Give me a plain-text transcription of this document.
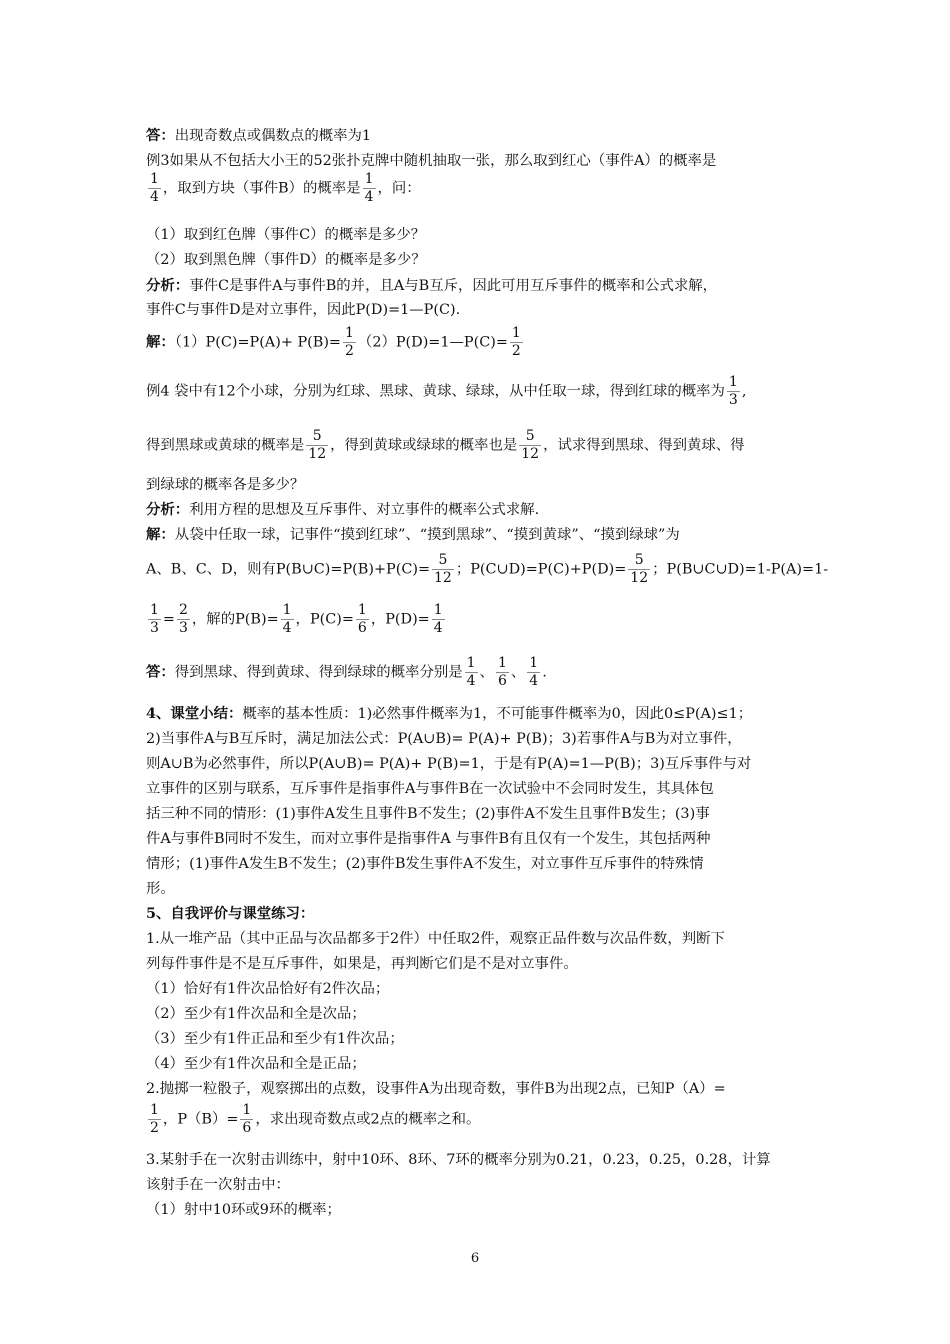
答：出现奇数点或偶数点的概率为1
例3如果从不包括大小王的52张扑克牌中随机抽取一张，那么取到红心（事件A）的概率是
$\frac{1}{4}$ ，取到方块（事件B）的概率是 $\frac{1}{4}$ ，问：
（1）取到红色牌（事件C）的概率是多少？
（2）取到黑色牌（事件D）的概率是多少？
分析：事件C是事件A与事件B的并，且A与B互斥，因此可用互斥事件的概率和公式求解，
事件C与事件D是对立事件，因此P(D)=1—P(C).
解：$(1)P(C)=P(A)+ P(B)= \frac{1}{2}$ （2）P(D)=1—P(C)= $\frac{1}{2}$
例4 袋中有12个小球，分别为红球、黑球、黄球、绿球，从中任取一球，得到红球的概率为 $\frac{1}{3}$ ,
得到黑球或黄球的概率是 $\frac{5}{12}$ ，得到黄球或绿球的概率也是 $\frac{5}{12}$ ，试求得到黑球、得到黄球、得
到绿球的概率各是多少？
分析：利用方程的思想及互斥事件、对立事件的概率公式求解.
解：从袋中任取一球，记事件“摸到红球”、“摸到黑球”、“摸到黄球”、“摸到绿球”为
A、B、C、D，则有P(B∪C)=P(B)+P(C)= $\frac{5}{12}$ ；P(C∪D)=P(C)+P(D)= $\frac{5}{12}$ ；P(B∪C∪D)=1-P(A)=1-
$\frac{1}{3} = \frac{2}{3}$ ，解的$P(B)= \frac{1}{4}$ ，$P(C)= \frac{1}{6}$ ，$P(D)= \frac{1}{4}$
答：得到黑球、得到黄球、得到绿球的概率分别是 $\frac{1}{4}$ 、 $\frac{1}{6}$ 、 $\frac{1}{4}$ .
4、课堂小结：概率的基本性质：1)必然事件概率为1，不可能事件概率为0，因此0≤P(A)≤1；
2)当事件A与B互斥时，满足加法公式：P(A∪B)= P(A)+ P(B)；3)若事件A与B为对立事件，
则A∪B为必然事件，所以P(A∪B)= P(A)+ P(B)=1，于是有P(A)=1—P(B)；3)互斥事件与对
立事件的区别与联系，互斥事件是指事件A与事件B在一次试验中不会同时发生，其具体包
括三种不同的情形：(1)事件A发生且事件B不发生；(2)事件A不发生且事件B发生；(3)事
件A与事件B同时不发生，而对立事件是指事件A 与事件B有且仅有一个发生，其包括两种
情形；(1)事件A发生B不发生；(2)事件B发生事件A不发生，对立事件互斥事件的特殊情
形。
5、自我评价与课堂练习：
1.从一堆产品（其中正品与次品都多于2件）中任取2件，观察正品件数与次品件数，判断下
列每件事件是不是互斥事件，如果是，再判断它们是不是对立事件。
（1）恰好有1件次品恰好有2件次品；
（2）至少有1件次品和全是次品；
（3）至少有1件正品和至少有1件次品；
（4）至少有1件次品和全是正品；
2.抛掷一粒骰子，观察掷出的点数，设事件A为出现奇数，事件B为出现2点，已知P（A）=
$\frac{1}{2}$ ，$P(B)= \frac{1}{6}$ ，求出现奇数点或2点的概率之和。
3.某射手在一次射击训练中，射中10环、8环、7环的概率分别为0.21，0.23，0.25，0.28，计算
该射手在一次射击中：
（1）射中10环或9环的概率；
6
